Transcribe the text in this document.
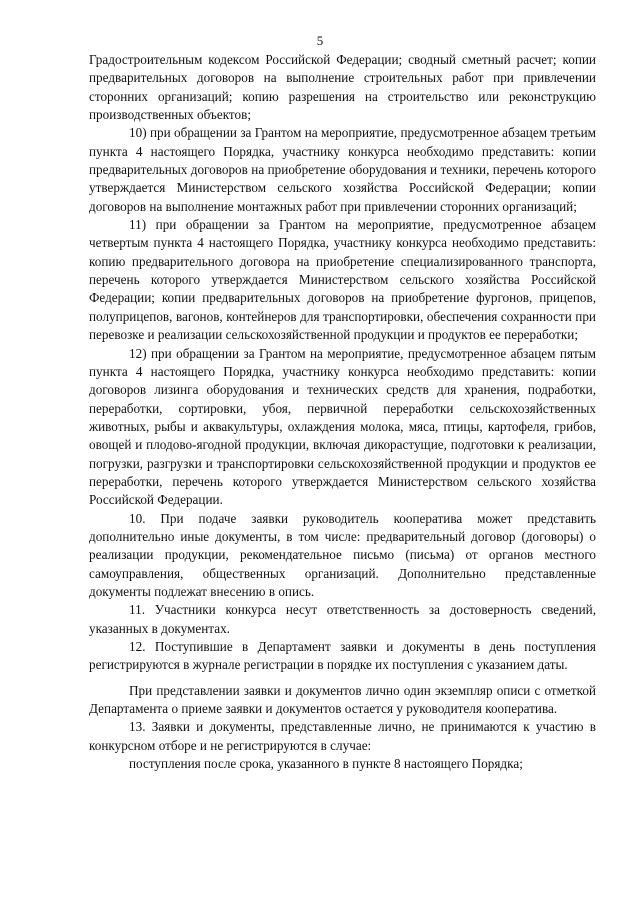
5

Градостроительным кодексом Российской Федерации; сводный сметный расчет; копии предварительных договоров на выполнение строительных работ при привлечении сторонних организаций; копию разрешения на строительство или реконструкцию производственных объектов;

10) при обращении за Грантом на мероприятие, предусмотренное абзацем третьим пункта 4 настоящего Порядка, участнику конкурса необходимо представить: копии предварительных договоров на приобретение оборудования и техники, перечень которого утверждается Министерством сельского хозяйства Российской Федерации; копии договоров на выполнение монтажных работ при привлечении сторонних организаций;

11) при обращении за Грантом на мероприятие, предусмотренное абзацем четвертым пункта 4 настоящего Порядка, участнику конкурса необходимо представить: копию предварительного договора на приобретение специализированного транспорта, перечень которого утверждается Министерством сельского хозяйства Российской Федерации; копии предварительных договоров на приобретение фургонов, прицепов, полуприцепов, вагонов, контейнеров для транспортировки, обеспечения сохранности при перевозке и реализации сельскохозяйственной продукции и продуктов ее переработки;

12) при обращении за Грантом на мероприятие, предусмотренное абзацем пятым пункта 4 настоящего Порядка, участнику конкурса необходимо представить: копии договоров лизинга оборудования и технических средств для хранения, подработки, переработки, сортировки, убоя, первичной переработки сельскохозяйственных животных, рыбы и аквакультуры, охлаждения молока, мяса, птицы, картофеля, грибов, овощей и плодово-ягодной продукции, включая дикорастущие, подготовки к реализации, погрузки, разгрузки и транспортировки сельскохозяйственной продукции и продуктов ее переработки, перечень которого утверждается Министерством сельского хозяйства Российской Федерации.

10. При подаче заявки руководитель кооператива может представить дополнительно иные документы, в том числе: предварительный договор (договоры) о реализации продукции, рекомендательное письмо (письма) от органов местного самоуправления, общественных организаций. Дополнительно представленные документы подлежат внесению в опись.

11. Участники конкурса несут ответственность за достоверность сведений, указанных в документах.

12. Поступившие в Департамент заявки и документы в день поступления регистрируются в журнале регистрации в порядке их поступления с указанием даты.

При представлении заявки и документов лично один экземпляр описи с отметкой Департамента о приеме заявки и документов остается у руководителя кооператива.

13. Заявки и документы, представленные лично, не принимаются к участию в конкурсном отборе и не регистрируются в случае:

поступления после срока, указанного в пункте 8 настоящего Порядка;
